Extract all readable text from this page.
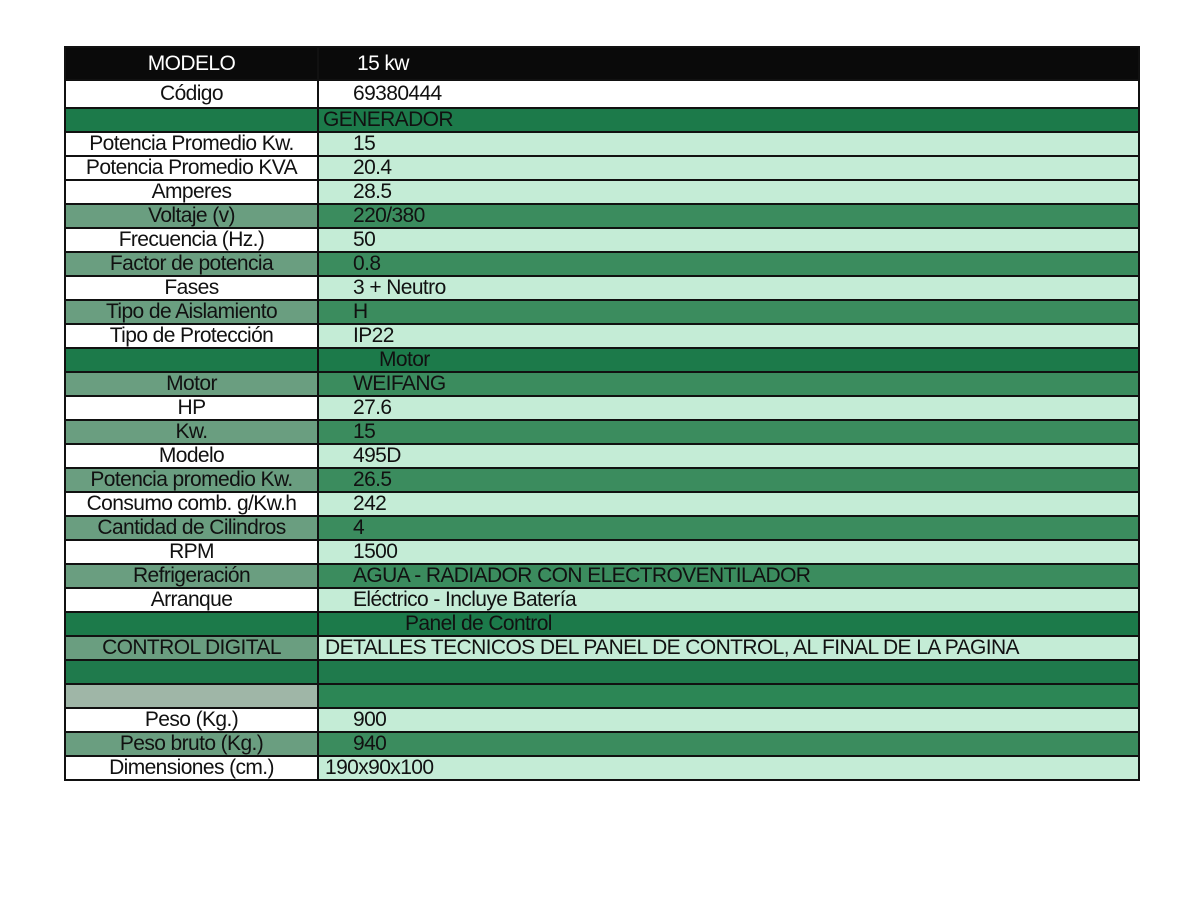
MODELO	15 kw
Código	69380444
	GENERADOR
Potencia Promedio Kw.	15
Potencia Promedio KVA	20.4
Amperes	28.5
Voltaje (v)	220/380
Frecuencia (Hz.)	50
Factor de potencia	0.8
Fases	3 + Neutro
Tipo de Aislamiento	H
Tipo de Protección	IP22
	Motor
Motor	WEIFANG
HP	27.6
Kw.	15
Modelo	495D
Potencia promedio Kw.	26.5
Consumo comb. g/Kw.h	242
Cantidad de Cilindros	4
RPM	1500
Refrigeración	AGUA - RADIADOR CON ELECTROVENTILADOR
Arranque	Eléctrico - Incluye Batería
	Panel de Control
CONTROL DIGITAL	DETALLES TECNICOS DEL PANEL DE CONTROL, AL FINAL DE LA PAGINA

Peso (Kg.)	900
Peso bruto (Kg.)	940
Dimensiones (cm.)	190x90x100
